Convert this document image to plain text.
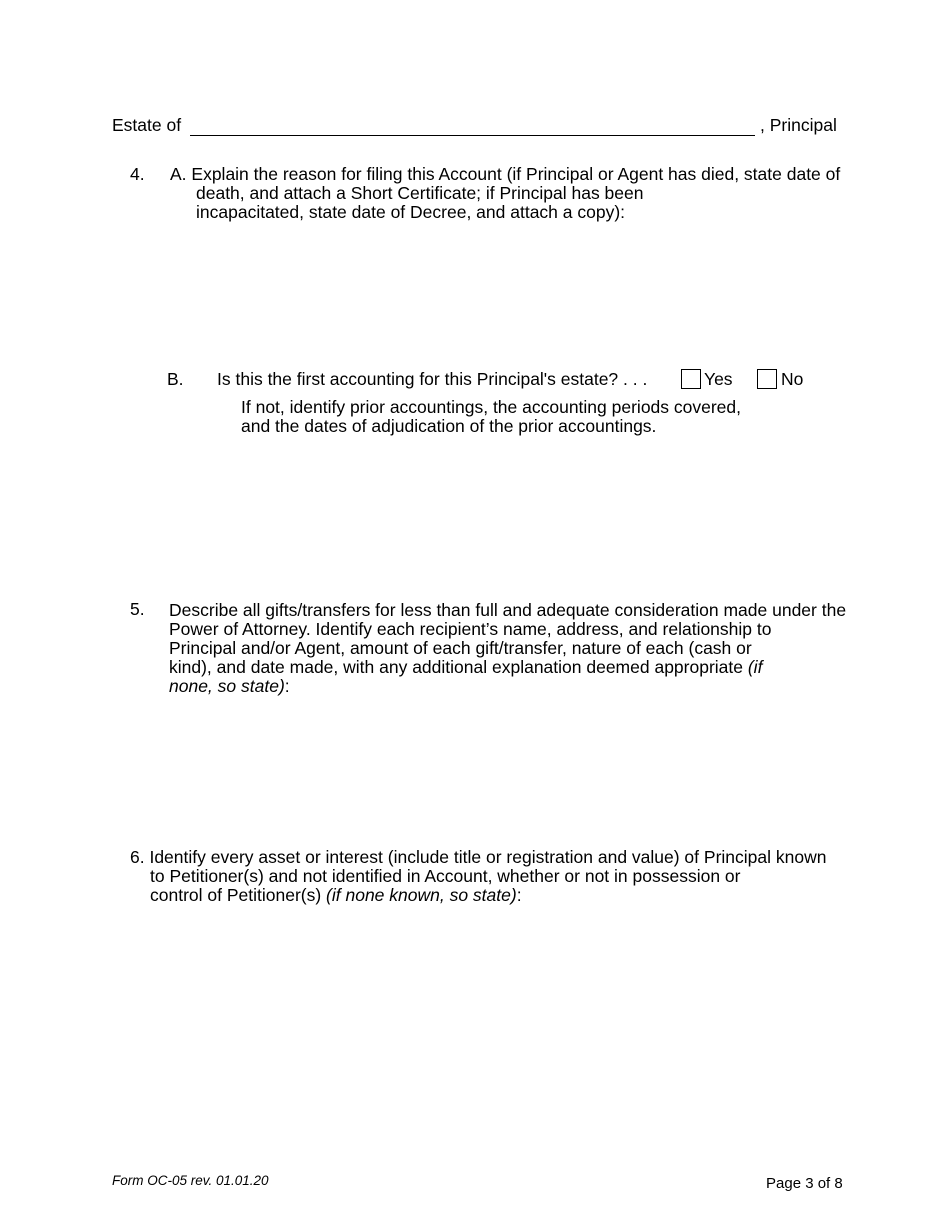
Estate of	, Principal
4. A. Explain the reason for filing this Account (if Principal or Agent has died, state date of
death, and attach a Short Certificate; if Principal has been
incapacitated, state date of Decree, and attach a copy):
B. Is this the first accounting for this Principal's estate? . . .	Yes	No
If not, identify prior accountings, the accounting periods covered,
and the dates of adjudication of the prior accountings.
5. Describe all gifts/transfers for less than full and adequate consideration made under the
Power of Attorney. Identify each recipient’s name, address, and relationship to
Principal and/or Agent, amount of each gift/transfer, nature of each (cash or
kind), and date made, with any additional explanation deemed appropriate (if
none, so state):
6. Identify every asset or interest (include title or registration and value) of Principal known
to Petitioner(s) and not identified in Account, whether or not in possession or
control of Petitioner(s) (if none known, so state):
Form OC-05 rev. 01.01.20	Page 3 of 8
